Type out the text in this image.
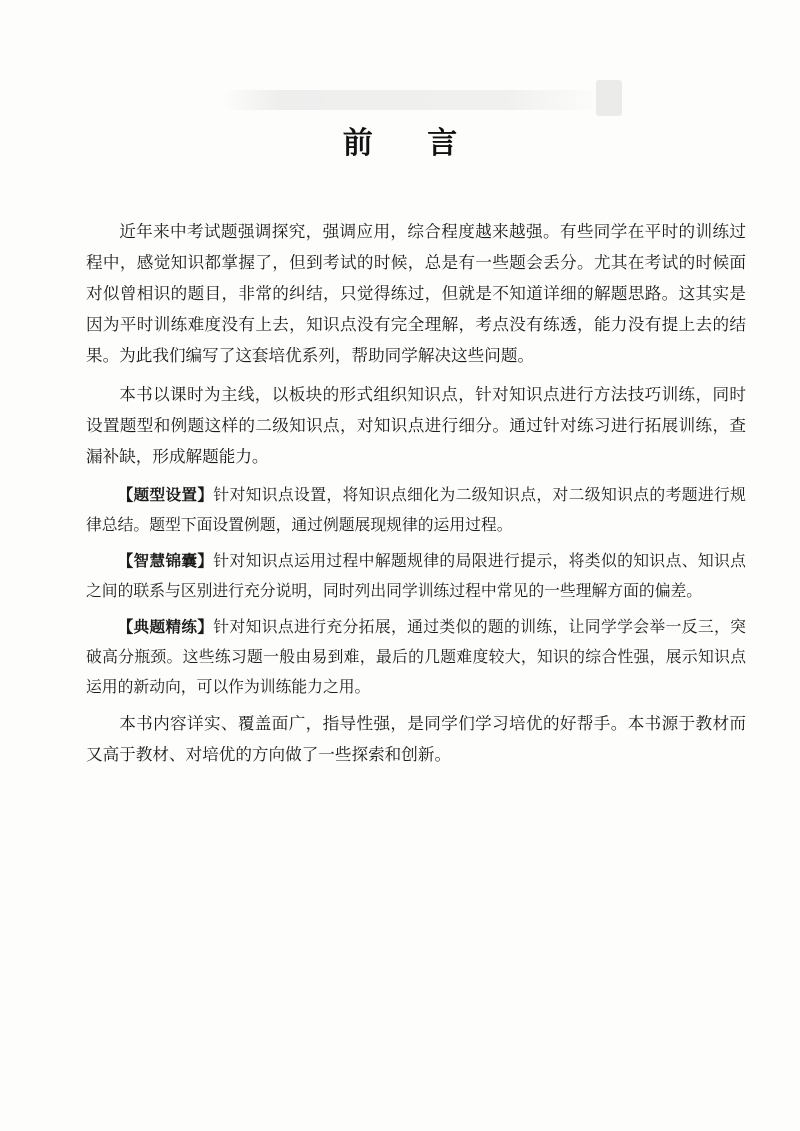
前 言

近年来中考试题强调探究，强调应用，综合程度越来越强。有些同学在平时的训练过程中，感觉知识都掌握了，但到考试的时候，总是有一些题会丢分。尤其在考试的时候面对似曾相识的题目，非常的纠结，只觉得练过，但就是不知道详细的解题思路。这其实是因为平时训练难度没有上去，知识点没有完全理解，考点没有练透，能力没有提上去的结果。为此我们编写了这套培优系列，帮助同学解决这些问题。

本书以课时为主线，以板块的形式组织知识点，针对知识点进行方法技巧训练，同时设置题型和例题这样的二级知识点，对知识点进行细分。通过针对练习进行拓展训练，查漏补缺，形成解题能力。

【题型设置】针对知识点设置，将知识点细化为二级知识点，对二级知识点的考题进行规律总结。题型下面设置例题，通过例题展现规律的运用过程。

【智慧锦囊】针对知识点运用过程中解题规律的局限进行提示，将类似的知识点、知识点之间的联系与区别进行充分说明，同时列出同学训练过程中常见的一些理解方面的偏差。

【典题精练】针对知识点进行充分拓展，通过类似的题的训练，让同学学会举一反三，突破高分瓶颈。这些练习题一般由易到难，最后的几题难度较大，知识的综合性强，展示知识点运用的新动向，可以作为训练能力之用。

本书内容详实、覆盖面广，指导性强，是同学们学习培优的好帮手。本书源于教材而又高于教材、对培优的方向做了一些探索和创新。
